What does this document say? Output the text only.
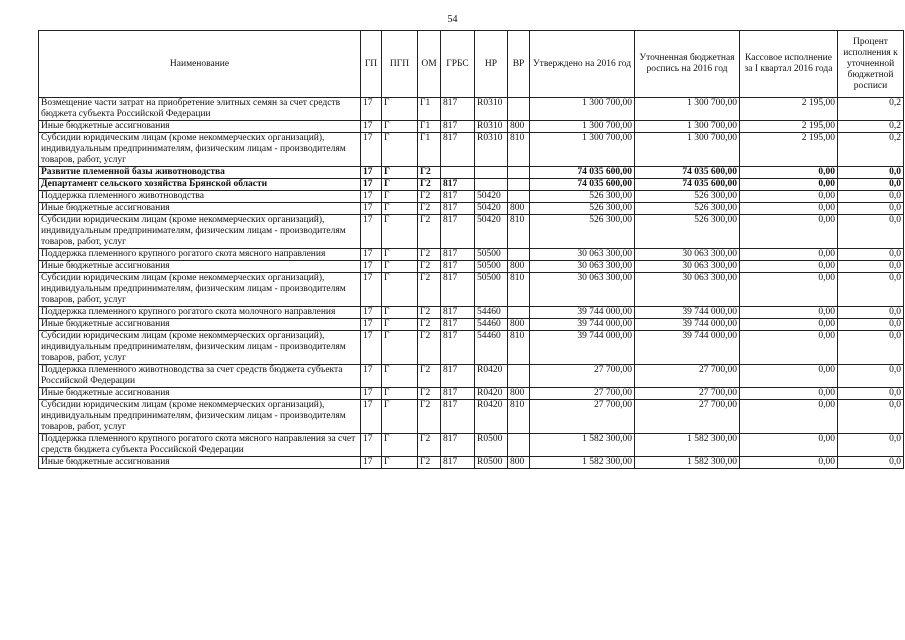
54
Наименование	ГП	ПГП	ОМ	ГРБС	НР	ВР	Утверждено на 2016 год	Уточненная бюджетная роспись на 2016 год	Кассовое исполнение за I квартал 2016 года	Процент исполнения к уточненной бюджетной росписи
Возмещение части затрат на приобретение элитных семян за счет средств бюджета субъекта Российской Федерации	17	Г	Г1	817	R0310		1 300 700,00	1 300 700,00	2 195,00	0,2
Иные бюджетные ассигнования	17	Г	Г1	817	R0310	800	1 300 700,00	1 300 700,00	2 195,00	0,2
Субсидии юридическим лицам (кроме некоммерческих организаций), индивидуальным предпринимателям, физическим лицам - производителям товаров, работ, услуг	17	Г	Г1	817	R0310	810	1 300 700,00	1 300 700,00	2 195,00	0,2
Развитие племенной базы животноводства	17	Г	Г2				74 035 600,00	74 035 600,00	0,00	0,0
Департамент сельского хозяйства Брянской области	17	Г	Г2	817			74 035 600,00	74 035 600,00	0,00	0,0
Поддержка племенного животноводства	17	Г	Г2	817	50420		526 300,00	526 300,00	0,00	0,0
Иные бюджетные ассигнования	17	Г	Г2	817	50420	800	526 300,00	526 300,00	0,00	0,0
Субсидии юридическим лицам (кроме некоммерческих организаций), индивидуальным предпринимателям, физическим лицам - производителям товаров, работ, услуг	17	Г	Г2	817	50420	810	526 300,00	526 300,00	0,00	0,0
Поддержка племенного крупного рогатого скота мясного направления	17	Г	Г2	817	50500		30 063 300,00	30 063 300,00	0,00	0,0
Иные бюджетные ассигнования	17	Г	Г2	817	50500	800	30 063 300,00	30 063 300,00	0,00	0,0
Субсидии юридическим лицам (кроме некоммерческих организаций), индивидуальным предпринимателям, физическим лицам - производителям товаров, работ, услуг	17	Г	Г2	817	50500	810	30 063 300,00	30 063 300,00	0,00	0,0
Поддержка племенного крупного рогатого скота молочного направления	17	Г	Г2	817	54460		39 744 000,00	39 744 000,00	0,00	0,0
Иные бюджетные ассигнования	17	Г	Г2	817	54460	800	39 744 000,00	39 744 000,00	0,00	0,0
Субсидии юридическим лицам (кроме некоммерческих организаций), индивидуальным предпринимателям, физическим лицам - производителям товаров, работ, услуг	17	Г	Г2	817	54460	810	39 744 000,00	39 744 000,00	0,00	0,0
Поддержка племенного животноводства за счет средств бюджета субъекта Российской Федерации	17	Г	Г2	817	R0420		27 700,00	27 700,00	0,00	0,0
Иные бюджетные ассигнования	17	Г	Г2	817	R0420	800	27 700,00	27 700,00	0,00	0,0
Субсидии юридическим лицам (кроме некоммерческих организаций), индивидуальным предпринимателям, физическим лицам - производителям товаров, работ, услуг	17	Г	Г2	817	R0420	810	27 700,00	27 700,00	0,00	0,0
Поддержка племенного крупного рогатого скота мясного направления за счет средств бюджета субъекта Российской Федерации	17	Г	Г2	817	R0500		1 582 300,00	1 582 300,00	0,00	0,0
Иные бюджетные ассигнования	17	Г	Г2	817	R0500	800	1 582 300,00	1 582 300,00	0,00	0,0
